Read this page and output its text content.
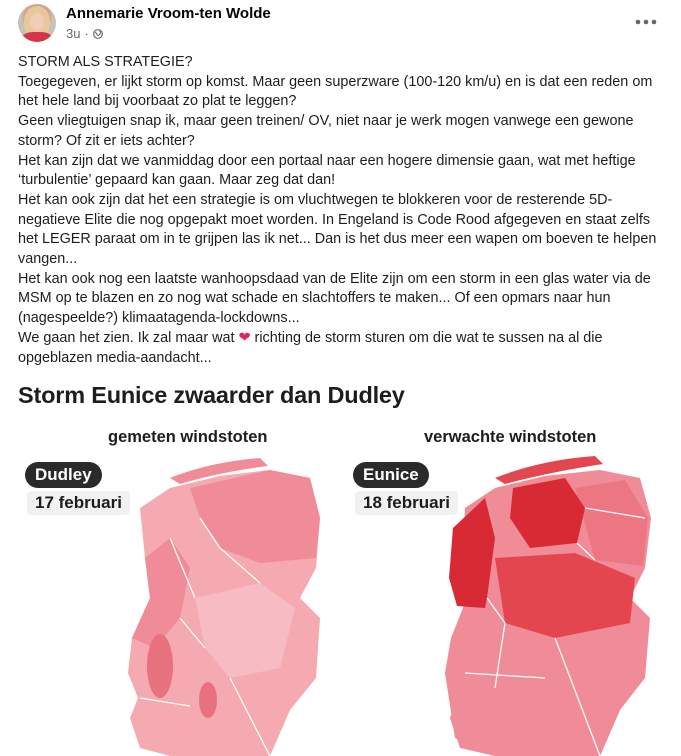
Annemarie Vroom-ten Wolde
3u ·

STORM ALS STRATEGIE?

Toegegeven, er lijkt storm op komst. Maar geen superzware (100-120 km/u) en is dat een reden om het hele land bij voorbaat zo plat te leggen?

Geen vliegtuigen snap ik, maar geen treinen/ OV, niet naar je werk mogen vanwege een gewone storm? Of zit er iets achter?

Het kan zijn dat we vanmiddag door een portaal naar een hogere dimensie gaan, wat met heftige ‘turbulentie’ gepaard kan gaan. Maar zeg dat dan!

Het kan ook zijn dat het een strategie is om vluchtwegen te blokkeren voor de resterende 5D-negatieve Elite die nog opgepakt moet worden. In Engeland is Code Rood afgegeven en staat zelfs het LEGER paraat om in te grijpen las ik net... Dan is het dus meer een wapen om boeven te helpen vangen...

Het kan ook nog een laatste wanhoopsdaad van de Elite zijn om een storm in een glas water via de MSM op te blazen en zo nog wat schade en slachtoffers te maken... Of een opmars naar hun (nagespeelde?) klimaatagenda-lockdowns...

We gaan het zien. Ik zal maar wat ❤ richting de storm sturen om die wat te sussen na al die opgeblazen media-aandacht...

Storm Eunice zwaarder dan Dudley
gemeten windstoten	verwachte windstoten
Dudley
17 februari
Eunice
18 februari
